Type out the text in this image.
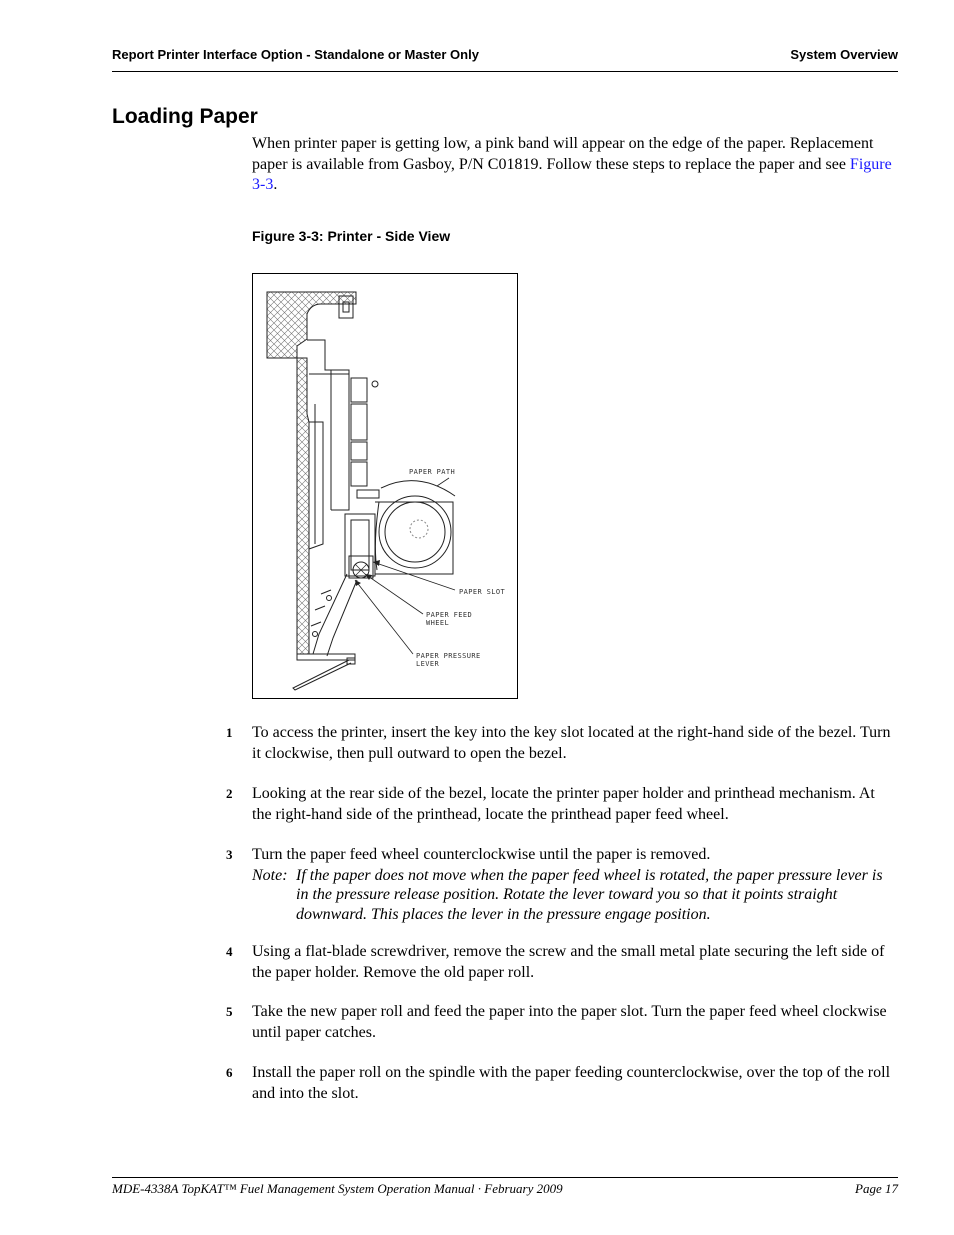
Report Printer Interface Option - Standalone or Master Only	System Overview
Loading Paper

When printer paper is getting low, a pink band will appear on the edge of the paper. Replacement paper is available from Gasboy, P/N C01819. Follow these steps to replace the paper and see Figure 3-3.

Figure 3-3: Printer - Side View

PAPER PATH
PAPER SLOT
PAPER FEED
WHEEL
PAPER PRESSURE
LEVER
1 To access the printer, insert the key into the key slot located at the right-hand side of the bezel. Turn it clockwise, then pull outward to open the bezel.
2 Looking at the rear side of the bezel, locate the printer paper holder and printhead mechanism. At the right-hand side of the printhead, locate the printhead paper feed wheel.
3 Turn the paper feed wheel counterclockwise until the paper is removed.
Note: If the paper does not move when the paper feed wheel is rotated, the paper pressure lever is in the pressure release position. Rotate the lever toward you so that it points straight downward. This places the lever in the pressure engage position.
4 Using a flat-blade screwdriver, remove the screw and the small metal plate securing the left side of the paper holder. Remove the old paper roll.
5 Take the new paper roll and feed the paper into the paper slot. Turn the paper feed wheel clockwise until paper catches.
6 Install the paper roll on the spindle with the paper feeding counterclockwise, over the top of the roll and into the slot.
MDE-4338A TopKAT™ Fuel Management System Operation Manual · February 2009	Page 17
